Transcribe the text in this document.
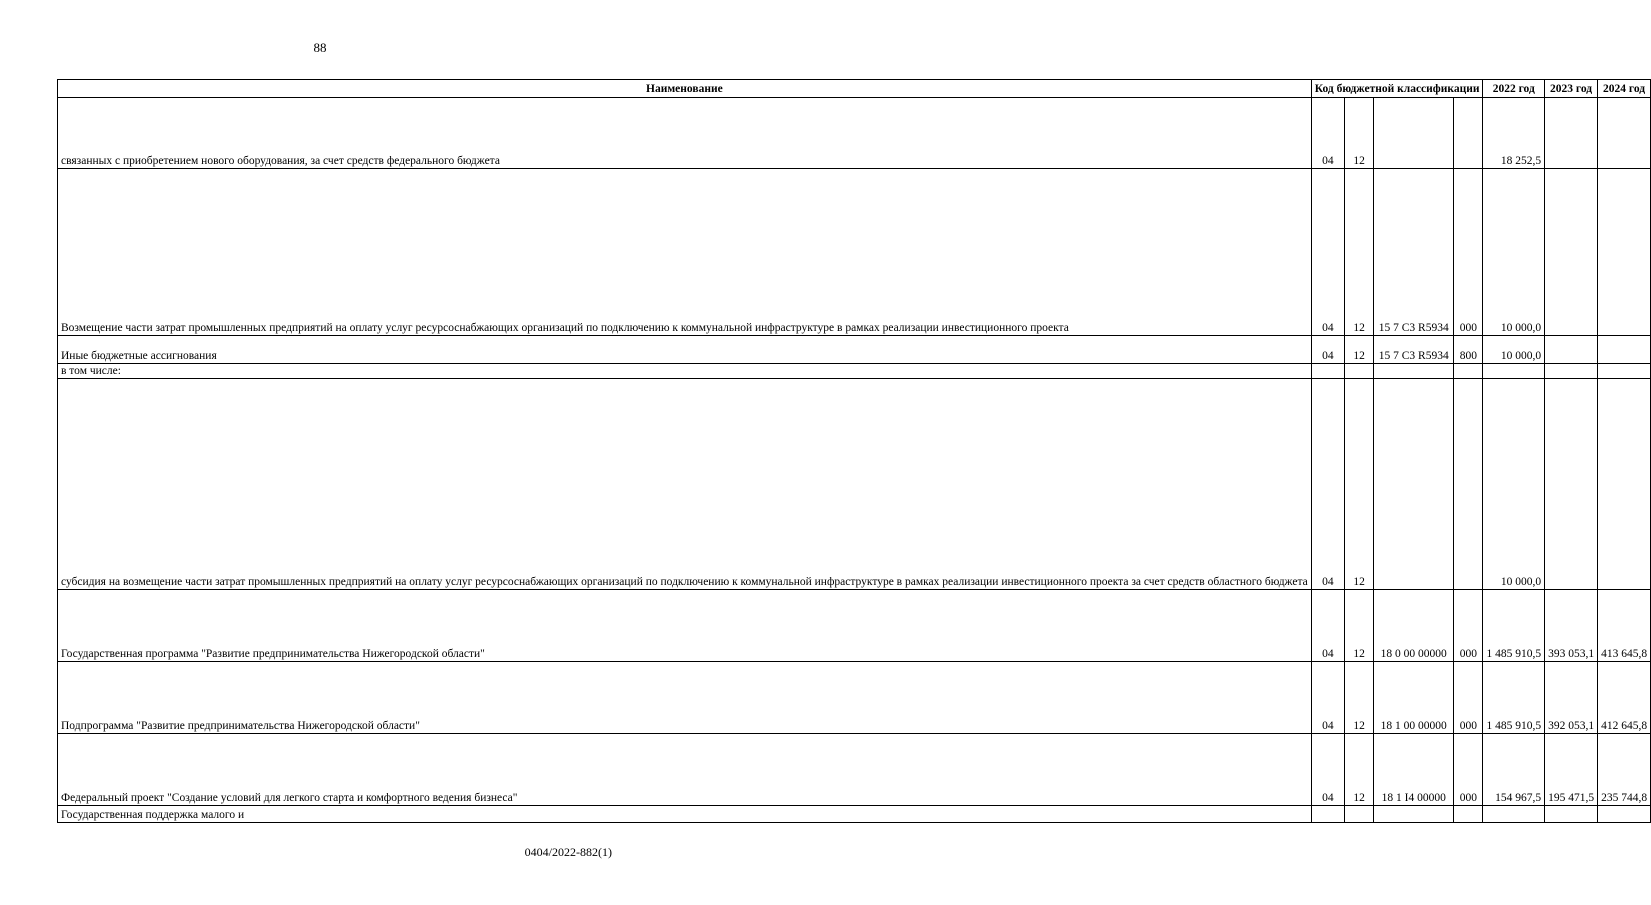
88
Наименование	Код бюджетной классификации				2022 год	2023 год	2024 год
связанных с приобретением нового оборудования, за счет средств федерального бюджета	04	12			18 252,5		
Возмещение части затрат промышленных предприятий на оплату услуг ресурсоснабжающих организаций по подключению к коммунальной инфраструктуре в рамках реализации инвестиционного проекта	04	12	15 7 C3 R5934	000	10 000,0		
Иные бюджетные ассигнования	04	12	15 7 C3 R5934	800	10 000,0		
в том числе:							
субсидия на возмещение части затрат промышленных предприятий на оплату услуг ресурсоснабжающих организаций по подключению к коммунальной инфраструктуре в рамках реализации инвестиционного проекта за счет средств областного бюджета	04	12			10 000,0		
Государственная программа "Развитие предпринимательства Нижегородской области"	04	12	18 0 00 00000	000	1 485 910,5	393 053,1	413 645,8
Подпрограмма "Развитие предпринимательства Нижегородской области"	04	12	18 1 00 00000	000	1 485 910,5	392 053,1	412 645,8
Федеральный проект "Создание условий для легкого старта и комфортного ведения бизнеса"	04	12	18 1 I4 00000	000	154 967,5	195 471,5	235 744,8
Государственная поддержка малого и							
0404/2022-882(1)
